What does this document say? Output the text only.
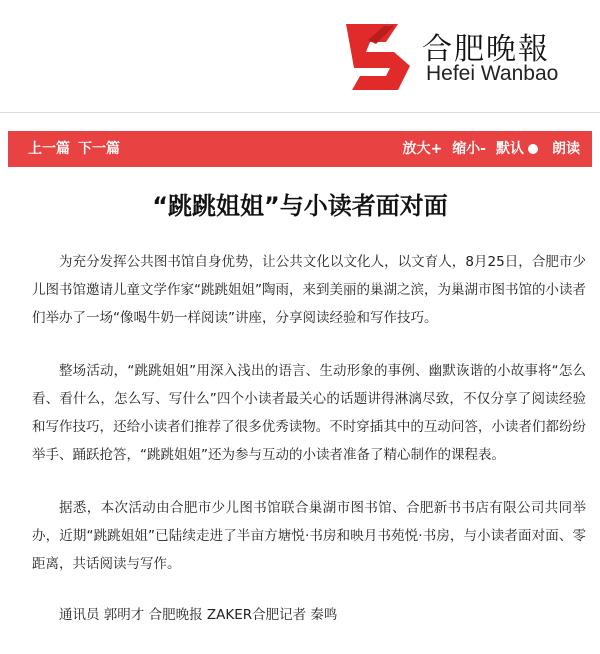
合肥晚報
Hefei Wanbao
上一篇 下一篇	放大+ 缩小- 默认 朗读
“跳跳姐姐”与小读者面对面

为充分发挥公共图书馆自身优势，让公共文化以文化人，以文育人，8月25日，合肥市少儿图书馆邀请儿童文学作家“跳跳姐姐”陶雨，来到美丽的巢湖之滨，为巢湖市图书馆的小读者们举办了一场“像喝牛奶一样阅读”讲座，分享阅读经验和写作技巧。

整场活动，“跳跳姐姐”用深入浅出的语言、生动形象的事例、幽默诙谐的小故事将“怎么看、看什么，怎么写、写什么”四个小读者最关心的话题讲得淋漓尽致，不仅分享了阅读经验和写作技巧，还给小读者们推荐了很多优秀读物。不时穿插其中的互动问答，小读者们都纷纷举手、踊跃抢答，“跳跳姐姐”还为参与互动的小读者准备了精心制作的课程表。

据悉，本次活动由合肥市少儿图书馆联合巢湖市图书馆、合肥新书书店有限公司共同举办，近期“跳跳姐姐”已陆续走进了半亩方塘悦·书房和映月书苑悦·书房，与小读者面对面、零距离，共话阅读与写作。

通讯员 郭明才 合肥晚报 ZAKER合肥记者 秦鸣
